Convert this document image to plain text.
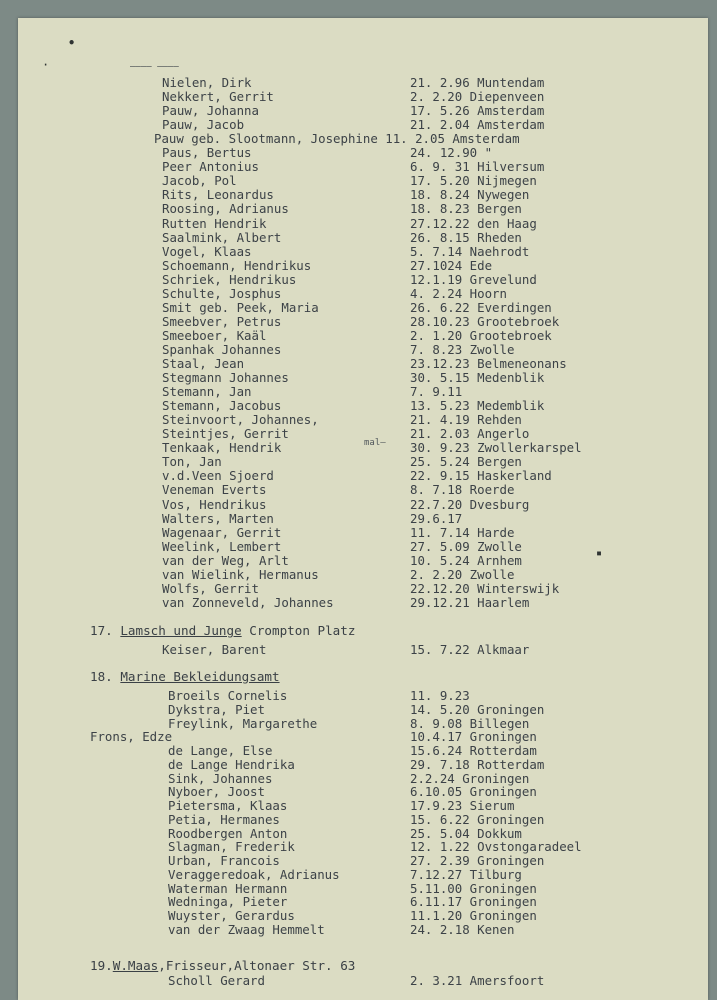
•
·
▪
———— ————
mal—
Nielen, Dirk	21. 2.96 Muntendam
Nekkert, Gerrit	2. 2.20 Diepenveen
Pauw, Johanna	17. 5.26 Amsterdam
Pauw, Jacob	21. 2.04 Amsterdam
Pauw geb. Slootmann, Josephine 11. 2.05 Amsterdam
Paus, Bertus	24. 12.90 "
Peer Antonius	6. 9. 31 Hilversum
Jacob, Pol	17. 5.20 Nijmegen
Rits, Leonardus	18. 8.24 Nywegen
Roosing, Adrianus	18. 8.23 Bergen
Rutten Hendrik	27.12.22 den Haag
Saalmink, Albert	26. 8.15 Rheden
Vogel, Klaas	5. 7.14 Naehrodt
Schoemann, Hendrikus	27.1024 Ede
Schriek, Hendrikus	12.1.19 Grevelund
Schulte, Josphus	4. 2.24 Hoorn
Smit geb. Peek, Maria	26. 6.22 Everdingen
Smeebver, Petrus	28.10.23 Grootebroek
Smeeboer, Kaäl	2. 1.20 Grootebroek
Spanhak Johannes	7. 8.23 Zwolle
Staal, Jean	23.12.23 Belmeneonans
Stegmann Johannes	30. 5.15 Medenblik
Stemann, Jan	7. 9.11
Stemann, Jacobus	13. 5.23 Medemblik
Steinvoort, Johannes,	21. 4.19 Rehden
Steintjes, Gerrit	21. 2.03 Angerlo
Tenkaak, Hendrik	30. 9.23 Zwollerkarspel
Ton, Jan	25. 5.24 Bergen
v.d.Veen Sjoerd	22. 9.15 Haskerland
Veneman Everts	8. 7.18 Roerde
Vos, Hendrikus	22.7.20 Dvesburg
Walters, Marten	29.6.17
Wagenaar, Gerrit	11. 7.14 Harde
Weelink, Lembert	27. 5.09 Zwolle
van der Weg, Arlt	10. 5.24 Arnhem
van Wielink, Hermanus	2. 2.20 Zwolle
Wolfs, Gerrit	22.12.20 Winterswijk
van Zonneveld, Johannes	29.12.21 Haarlem
17. Lamsch und Junge Crompton Platz
Keiser, Barent	15. 7.22 Alkmaar
18. Marine Bekleidungsamt
Broeils Cornelis	11. 9.23
Dykstra, Piet	14. 5.20 Groningen
Freylink, Margarethe	8. 9.08 Billegen
Frons, Edze	10.4.17 Groningen
de Lange, Else	15.6.24 Rotterdam
de Lange Hendrika	29. 7.18 Rotterdam
Sink, Johannes	2.2.24 Groningen
Nyboer, Joost	6.10.05 Groningen
Pietersma, Klaas	17.9.23 Sierum
Petia, Hermanes	15. 6.22 Groningen
Roodbergen Anton	25. 5.04 Dokkum
Slagman, Frederik	12. 1.22 Ovstongaradeel
Urban, Francois	27. 2.39 Groningen
Veraggeredoak, Adrianus	7.12.27 Tilburg
Waterman Hermann	5.11.00 Groningen
Wedninga, Pieter	6.11.17 Groningen
Wuyster, Gerardus	11.1.20 Groningen
van der Zwaag Hemmelt	24. 2.18 Kenen
19.W.Maas,Frisseur,Altonaer Str. 63
Scholl Gerard	2. 3.21 Amersfoort
